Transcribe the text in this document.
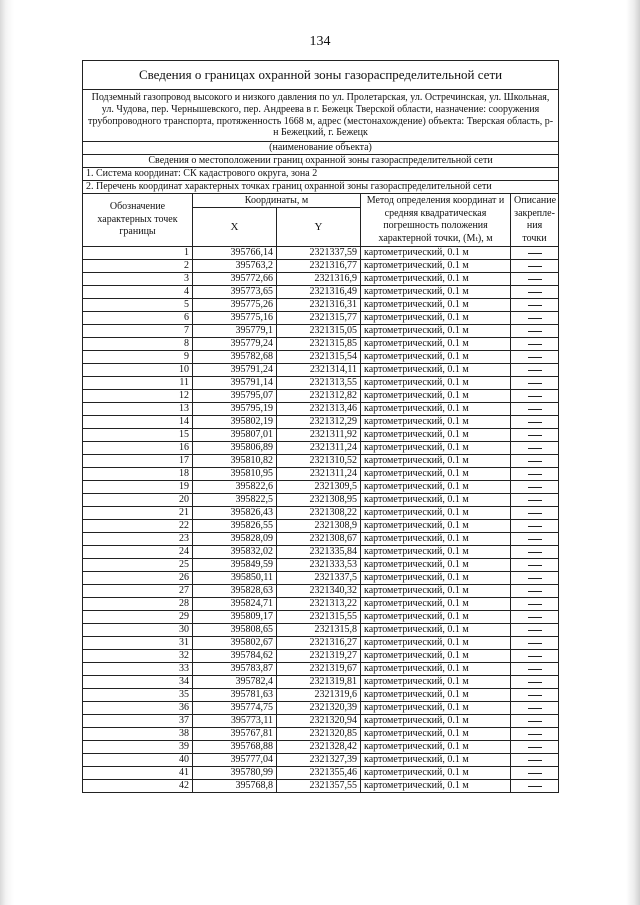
134
Сведения о границах охранной зоны газораспределительной сети				

Подземный газопровод высокого и низкого давления по ул. Пролетарская, ул. Остречинская, ул. Школьная, ул. Чудова, пер. Чернышевского, пер. Андреева в г. Бежецк Тверской области, назначение: сооружения трубопроводного транспорта, протяженность 1668 м, адрес (местонахождение) объекта: Тверская область, р-н Бежецкий, г. Бежецк				

(наименование объекта)				
Сведения о местоположении границ охранной зоны газораспределительной сети				
1. Система координат: СК кадастрового округа, зона 2				
2. Перечень координат характерных точках границ охранной зоны газораспределительной сети				
Обозначение характерных точек границы	Координаты, м		Метод определения координат и средняя квадратическая погрешность положения характерной точки, (Mₜ), м	Описание закрепле-ния точки
	X	Y		
1	395766,14	2321337,59	картометрический, 0.1 м	
2	395763,2	2321316,77	картометрический, 0.1 м	
3	395772,66	2321316,9	картометрический, 0.1 м	
4	395773,65	2321316,49	картометрический, 0.1 м	
5	395775,26	2321316,31	картометрический, 0.1 м	
6	395775,16	2321315,77	картометрический, 0.1 м	
7	395779,1	2321315,05	картометрический, 0.1 м	
8	395779,24	2321315,85	картометрический, 0.1 м	
9	395782,68	2321315,54	картометрический, 0.1 м	
10	395791,24	2321314,11	картометрический, 0.1 м	
11	395791,14	2321313,55	картометрический, 0.1 м	
12	395795,07	2321312,82	картометрический, 0.1 м	
13	395795,19	2321313,46	картометрический, 0.1 м	
14	395802,19	2321312,29	картометрический, 0.1 м	
15	395807,01	2321311,92	картометрический, 0.1 м	
16	395806,89	2321311,24	картометрический, 0.1 м	
17	395810,82	2321310,52	картометрический, 0.1 м	
18	395810,95	2321311,24	картометрический, 0.1 м	
19	395822,6	2321309,5	картометрический, 0.1 м	
20	395822,5	2321308,95	картометрический, 0.1 м	
21	395826,43	2321308,22	картометрический, 0.1 м	
22	395826,55	2321308,9	картометрический, 0.1 м	
23	395828,09	2321308,67	картометрический, 0.1 м	
24	395832,02	2321335,84	картометрический, 0.1 м	
25	395849,59	2321333,53	картометрический, 0.1 м	
26	395850,11	2321337,5	картометрический, 0.1 м	
27	395828,63	2321340,32	картометрический, 0.1 м	
28	395824,71	2321313,22	картометрический, 0.1 м	
29	395809,17	2321315,55	картометрический, 0.1 м	
30	395808,65	2321315,8	картометрический, 0.1 м	
31	395802,67	2321316,27	картометрический, 0.1 м	
32	395784,62	2321319,27	картометрический, 0.1 м	
33	395783,87	2321319,67	картометрический, 0.1 м	
34	395782,4	2321319,81	картометрический, 0.1 м	
35	395781,63	2321319,6	картометрический, 0.1 м	
36	395774,75	2321320,39	картометрический, 0.1 м	
37	395773,11	2321320,94	картометрический, 0.1 м	
38	395767,81	2321320,85	картометрический, 0.1 м	
39	395768,88	2321328,42	картометрический, 0.1 м	
40	395777,04	2321327,39	картометрический, 0.1 м	
41	395780,99	2321355,46	картометрический, 0.1 м	
42	395768,8	2321357,55	картометрический, 0.1 м	
